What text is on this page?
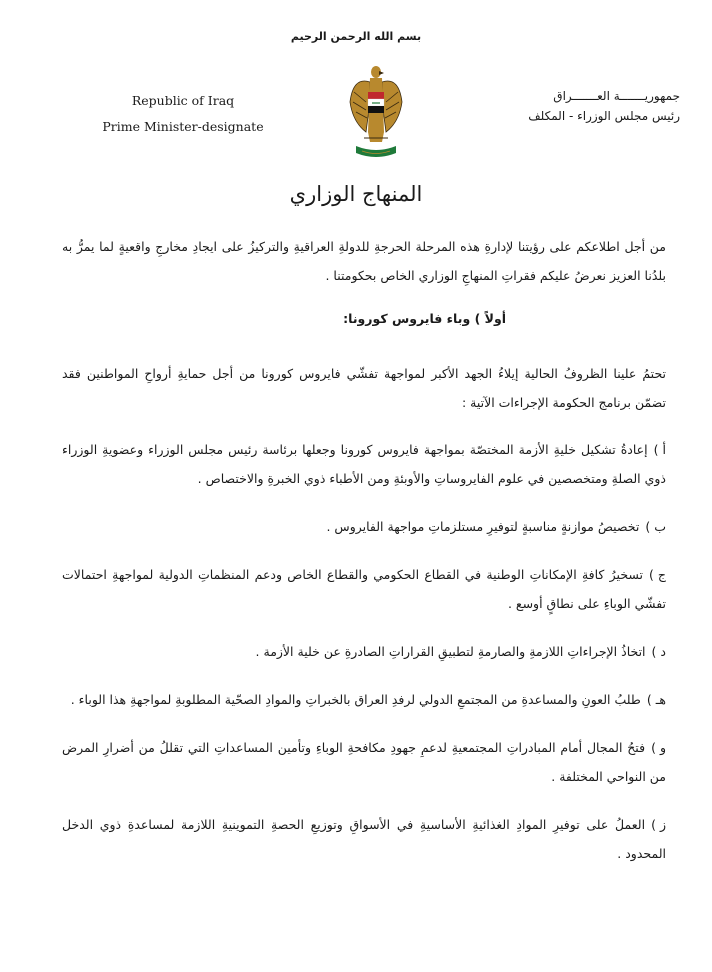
بسم الله الرحمن الرحيم
Republic of Iraq
Prime Minister-designate
جمهوريـــــــة العـــــــراق
رئيس مجلس الوزراء - المكلف
المنهاج الوزاري

من أجل اطلاعكم على رؤيتنا لإدارةِ هذه المرحلة الحرجةِ للدولةِ العراقيةِ والتركيزُ على ايجادِ مخارجِ واقعيةٍ لما يمرُّ به بلدُنا العزيز نعرضُ عليكم فقراتِ المنهاجِ الوزاري الخاص بحكومتنا .

أولاً ) وباء فايروس كورونا:

تحتمُ علينا الظروفُ الحالية إيلاءُ الجهد الأكبر لمواجهة تفشّي فايروس كورونا من أجل حمايةِ أرواحِ المواطنين فقد تضمّن برنامج الحكومة الإجراءات الآتية :

أ)إعادةُ تشكيل خليةِ الأزمة المختصّة بمواجهة فايروس كورونا وجعلها برئاسة رئيس مجلس الوزراء وعضويةِ الوزراء ذوي الصلةِ ومتخصصين في علوم الفايروساتِ والأوبئةِ ومن الأطباء ذوي الخبرةِ والاختصاص .

ب)تخصيصُ موازنةٍ مناسبةٍ لتوفيرِ مستلزماتِ مواجهة الفايروس .

ج)تسخيرُ كافةِ الإمكاناتِ الوطنية في القطاع الحكومي والقطاع الخاص ودعم المنظماتِ الدولية لمواجهةِ احتمالات تفشّي الوباءِ على نطاقٍ أوسع .

د)اتخاذُ الإجراءاتِ اللازمةِ والصارمةِ لتطبيقِ القراراتِ الصادرةِ عن خلية الأزمة .

هـ)طلبُ العونِ والمساعدةِ من المجتمعِ الدولي لرفدِ العراق بالخبراتِ والموادِ الصحّية المطلوبةِ لمواجهةِ هذا الوباء .

و)فتحُ المجال أمام المبادراتِ المجتمعيةِ لدعمِ جهودِ مكافحةِ الوباءِ وتأمين المساعداتِ التي تقللُ من أضرارِ المرض من النواحي المختلفة .

ز)العملُ على توفيرِ الموادِ الغذائيةِ الأساسيةِ في الأسواقِ وتوزيعِ الحصةِ التموينيةِ اللازمة لمساعدةِ ذوي الدخل المحدود .
